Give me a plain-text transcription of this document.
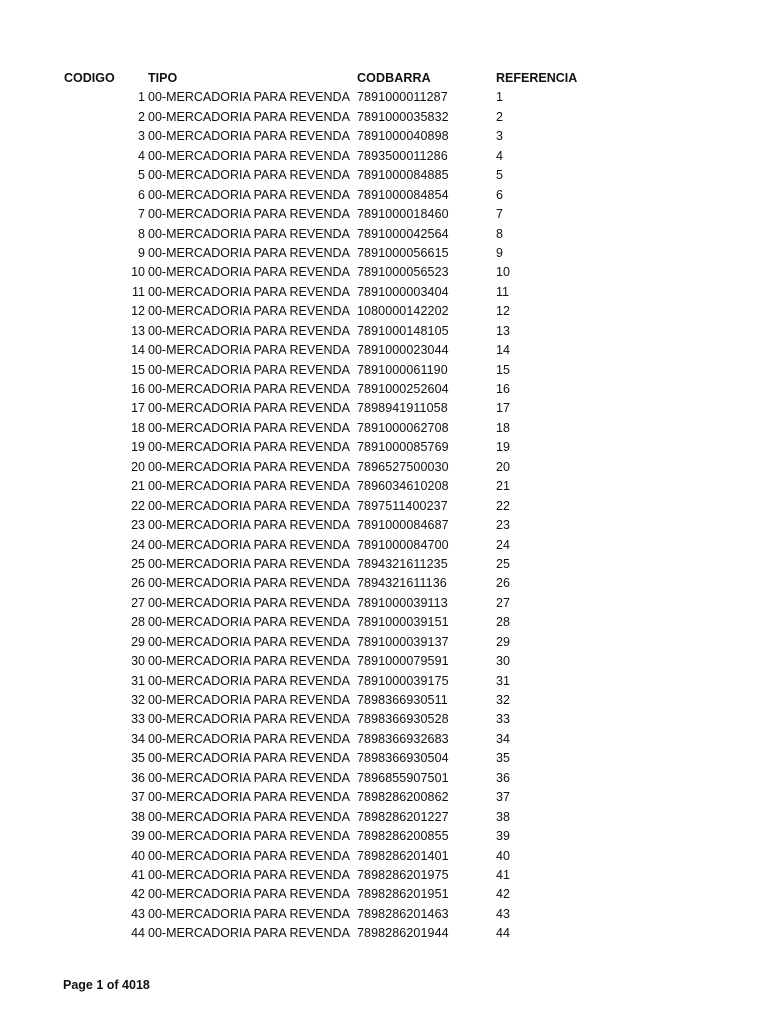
CODIGO	TIPO	CODBARRA	REFERENCIA
1 00-MERCADORIA PARA REVENDA 7891000011287	1
2 00-MERCADORIA PARA REVENDA 7891000035832	2
3 00-MERCADORIA PARA REVENDA 7891000040898	3
4 00-MERCADORIA PARA REVENDA 7893500011286	4
5 00-MERCADORIA PARA REVENDA 7891000084885	5
6 00-MERCADORIA PARA REVENDA 7891000084854	6
7 00-MERCADORIA PARA REVENDA 7891000018460	7
8 00-MERCADORIA PARA REVENDA 7891000042564	8
9 00-MERCADORIA PARA REVENDA 7891000056615	9
10 00-MERCADORIA PARA REVENDA 7891000056523	10
11 00-MERCADORIA PARA REVENDA 7891000003404	11
12 00-MERCADORIA PARA REVENDA 1080000142202	12
13 00-MERCADORIA PARA REVENDA 7891000148105	13
14 00-MERCADORIA PARA REVENDA 7891000023044	14
15 00-MERCADORIA PARA REVENDA 7891000061190	15
16 00-MERCADORIA PARA REVENDA 7891000252604	16
17 00-MERCADORIA PARA REVENDA 7898941911058	17
18 00-MERCADORIA PARA REVENDA 7891000062708	18
19 00-MERCADORIA PARA REVENDA 7891000085769	19
20 00-MERCADORIA PARA REVENDA 7896527500030	20
21 00-MERCADORIA PARA REVENDA 7896034610208	21
22 00-MERCADORIA PARA REVENDA 7897511400237	22
23 00-MERCADORIA PARA REVENDA 7891000084687	23
24 00-MERCADORIA PARA REVENDA 7891000084700	24
25 00-MERCADORIA PARA REVENDA 7894321611235	25
26 00-MERCADORIA PARA REVENDA 7894321611136	26
27 00-MERCADORIA PARA REVENDA 7891000039113	27
28 00-MERCADORIA PARA REVENDA 7891000039151	28
29 00-MERCADORIA PARA REVENDA 7891000039137	29
30 00-MERCADORIA PARA REVENDA 7891000079591	30
31 00-MERCADORIA PARA REVENDA 7891000039175	31
32 00-MERCADORIA PARA REVENDA 7898366930511	32
33 00-MERCADORIA PARA REVENDA 7898366930528	33
34 00-MERCADORIA PARA REVENDA 7898366932683	34
35 00-MERCADORIA PARA REVENDA 7898366930504	35
36 00-MERCADORIA PARA REVENDA 7896855907501	36
37 00-MERCADORIA PARA REVENDA 7898286200862	37
38 00-MERCADORIA PARA REVENDA 7898286201227	38
39 00-MERCADORIA PARA REVENDA 7898286200855	39
40 00-MERCADORIA PARA REVENDA 7898286201401	40
41 00-MERCADORIA PARA REVENDA 7898286201975	41
42 00-MERCADORIA PARA REVENDA 7898286201951	42
43 00-MERCADORIA PARA REVENDA 7898286201463	43
44 00-MERCADORIA PARA REVENDA 7898286201944	44
Page 1 of 4018
